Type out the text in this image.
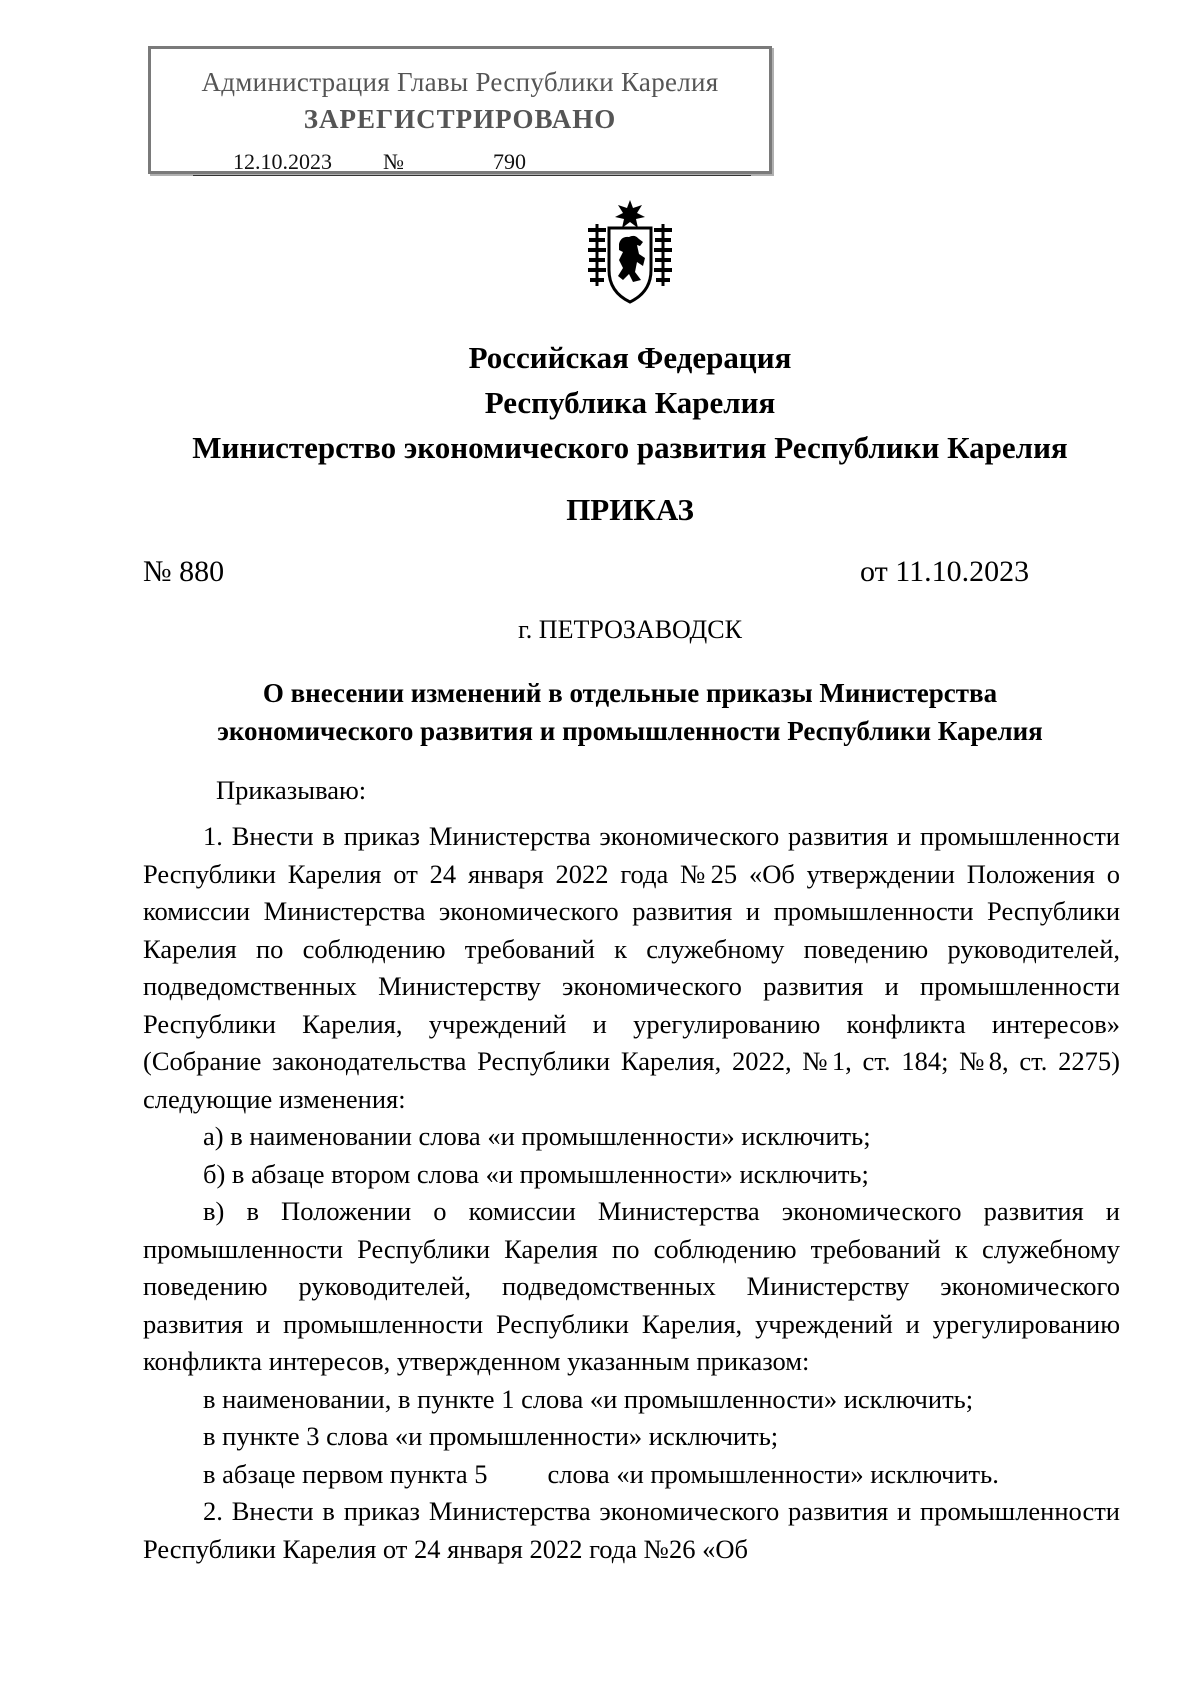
Администрация Главы Республики Карелия
ЗАРЕГИСТРИРОВАНО
12.10.2023 №	790
Российская Федерация
Республика Карелия
Министерство экономического развития Республики Карелия
ПРИКАЗ
№ 880	от 11.10.2023
г. ПЕТРОЗАВОДСК
О внесении изменений в отдельные приказы Министерства
экономического развития и промышленности Республики Карелия
Приказываю:

1. Внести в приказ Министерства экономического развития и промышленности Республики Карелия от 24 января 2022 года №25 «Об утверждении Положения о комиссии Министерства экономического развития и промышленности Республики Карелия по соблюдению требований к служебному поведению руководителей, подведомственных Министерству экономического развития и промышленности Республики Карелия, учреждений и урегулированию конфликта интересов» (Собрание законодательства Республики Карелия, 2022, №1, ст. 184; №8, ст. 2275) следующие изменения:

а) в наименовании слова «и промышленности» исключить;

б) в абзаце втором слова «и промышленности» исключить;

в) в Положении о комиссии Министерства экономического развития и промышленности Республики Карелия по соблюдению требований к служебному поведению руководителей, подведомственных Министерству экономического развития и промышленности Республики Карелия, учреждений и урегулированию конфликта интересов, утвержденном указанным приказом:

в наименовании, в пункте 1 слова «и промышленности» исключить;

в пункте 3 слова «и промышленности» исключить;

в абзаце первом пункта 5 слова «и промышленности» исключить.

2. Внести в приказ Министерства экономического развития и промышленности Республики Карелия от 24 января 2022 года №26 «Об
